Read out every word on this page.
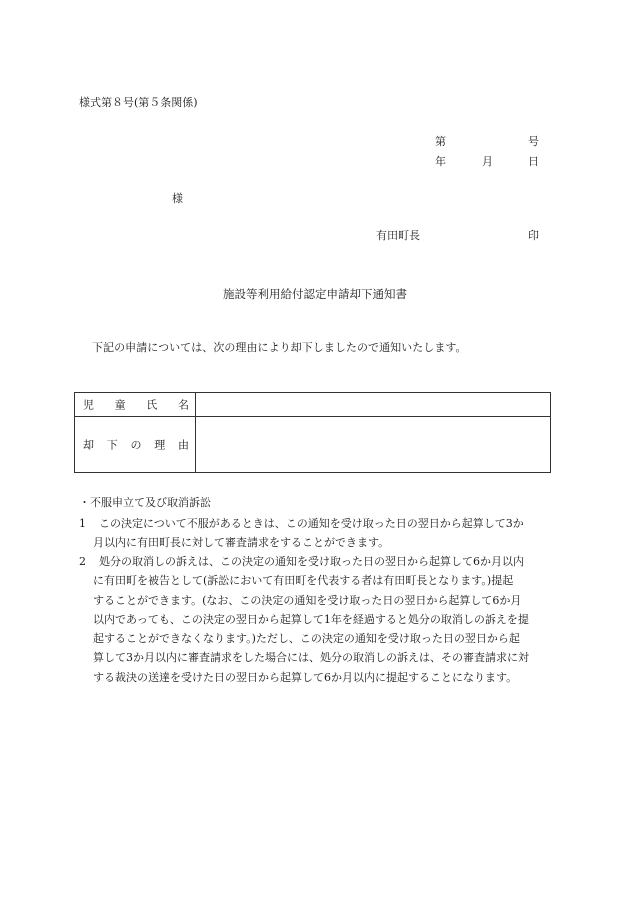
様式第８号(第５条関係)
第	号
年	月	日
様
有田町長	印
施設等利用給付認定申請却下通知書
下記の申請については、次の理由により却下しましたので通知いたします。
児 童 氏 名
却 下 の 理 由
・不服申立て及び取消訴訟
1	この決定について不服があるときは、この通知を受け取った日の翌日から起算して3か
月以内に有田町長に対して審査請求をすることができます。
2	処分の取消しの訴えは、この決定の通知を受け取った日の翌日から起算して6か月以内
に有田町を被告として(訴訟において有田町を代表する者は有田町長となります。)提起
することができます。(なお、この決定の通知を受け取った日の翌日から起算して6か月
以内であっても、この決定の翌日から起算して1年を経過すると処分の取消しの訴えを提
起することができなくなります。)ただし、この決定の通知を受け取った日の翌日から起
算して3か月以内に審査請求をした場合には、処分の取消しの訴えは、その審査請求に対
する裁決の送達を受けた日の翌日から起算して6か月以内に提起することになります。
